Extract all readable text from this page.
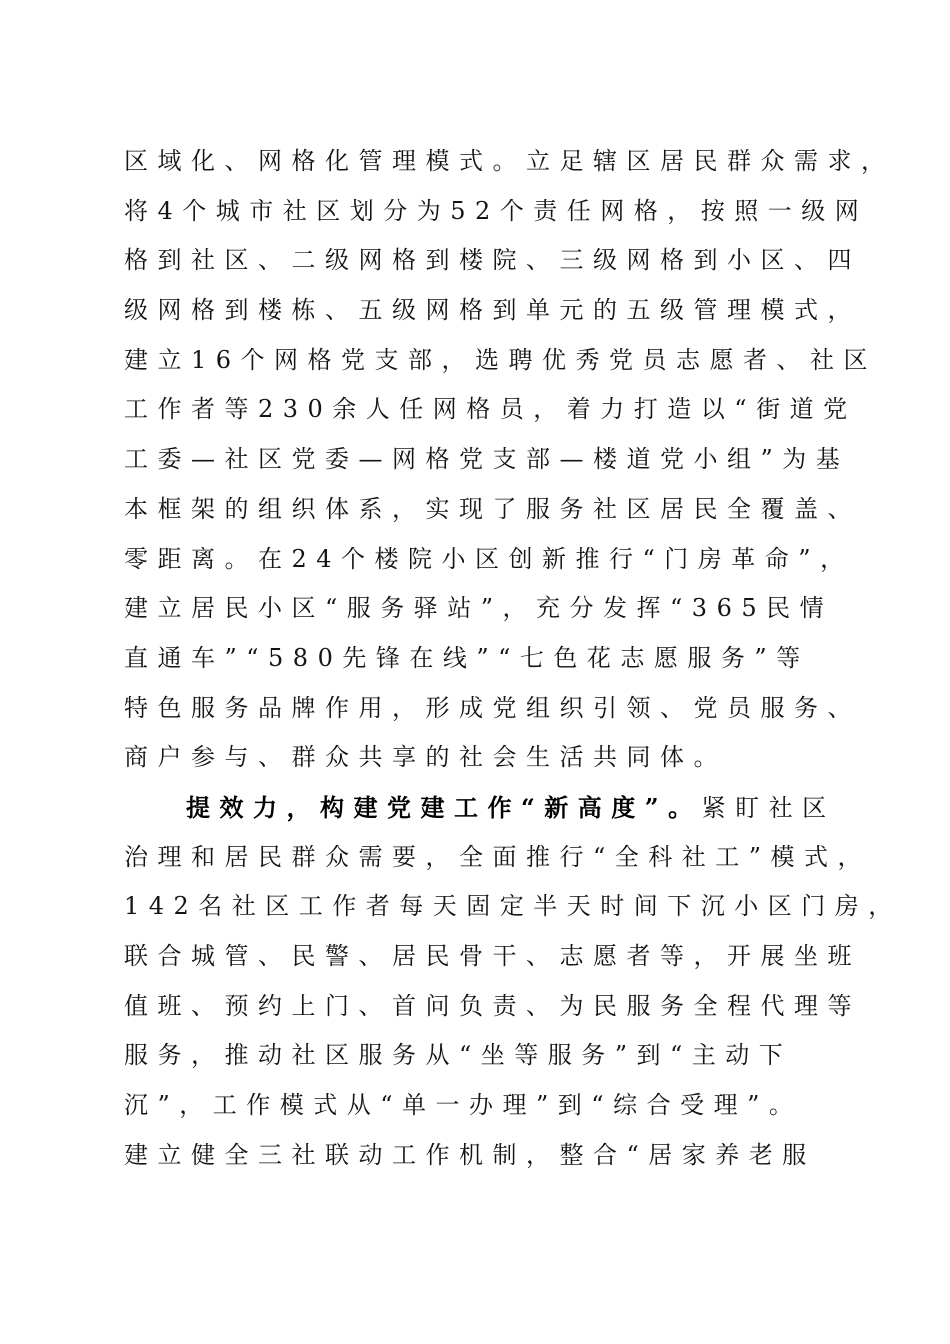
区域化、网格化管理模式。立足辖区居民群众需求，
将4个城市社区划分为52个责任网格，按照一级网
格到社区、二级网格到楼院、三级网格到小区、四
级网格到楼栋、五级网格到单元的五级管理模式，
建立16个网格党支部，选聘优秀党员志愿者、社区
工作者等230余人任网格员，着力打造以“街道党
工委—社区党委—网格党支部—楼道党小组”为基
本框架的组织体系，实现了服务社区居民全覆盖、
零距离。在24个楼院小区创新推行“门房革命”，
建立居民小区“服务驿站”，充分发挥“365民情
直通车”“580先锋在线”“七色花志愿服务”等
特色服务品牌作用，形成党组织引领、党员服务、
商户参与、群众共享的社会生活共同体。
提效力，构建党建工作“新高度”。紧盯社区
治理和居民群众需要，全面推行“全科社工”模式，
142名社区工作者每天固定半天时间下沉小区门房，
联合城管、民警、居民骨干、志愿者等，开展坐班
值班、预约上门、首问负责、为民服务全程代理等
服务，推动社区服务从“坐等服务”到“主动下
沉”，工作模式从“单一办理”到“综合受理”。
建立健全三社联动工作机制，整合“居家养老服
